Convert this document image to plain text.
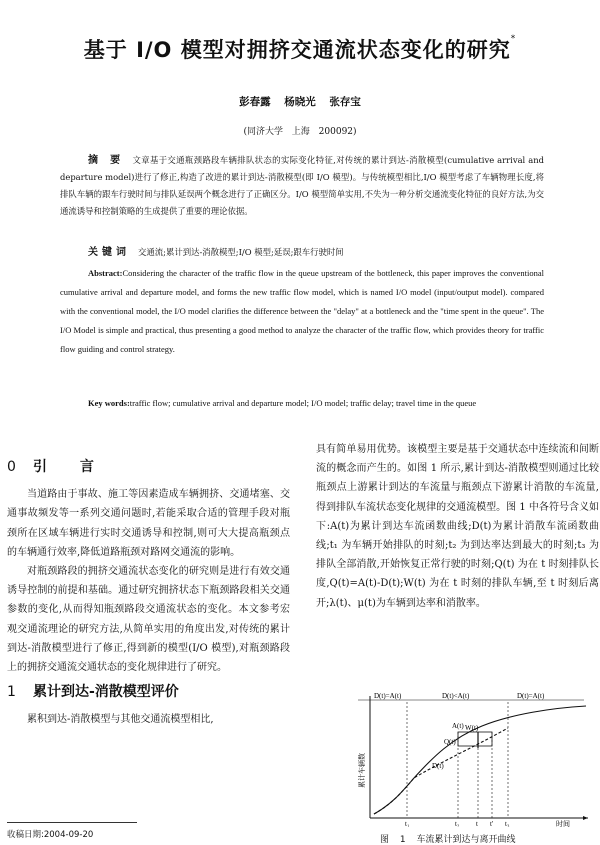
基于 I/O 模型对拥挤交通流状态变化的研究*
彭春露 杨晓光 张存宝
(同济大学 上海 200092)
摘 要 文章基于交通瓶颈路段车辆排队状态的实际变化特征,对传统的累计到达-消散模型(cumulative arrival and departure model)进行了修正,构造了改进的累计到达-消散模型(即 I/O 模型)。与传统模型相比,I/O 模型考虑了车辆物理长度,将排队车辆的跟车行驶时间与排队延误两个概念进行了正确区分。I/O 模型简单实用,不失为一种分析交通流变化特征的良好方法,为交通流诱导和控制策略的生成提供了重要的理论依据。
关键词 交通流;累计到达-消散模型;I/O 模型;延误;跟车行驶时间
Abstract:Considering the character of the traffic flow in the queue upstream of the bottleneck, this paper improves the conventional cumulative arrival and departure model, and forms the new traffic flow model, which is named I/O model (input/output model). compared with the conventional model, the I/O model clarifies the difference between the "delay" at a bottleneck and the "time spent in the queue". The I/O Model is simple and practical, thus presenting a good method to analyze the character of the traffic flow, which provides theory for traffic flow guiding and control strategy.
Key words:traffic flow; cumulative arrival and departure model; I/O model; traffic delay; travel time in the queue
0 引 言

当道路由于事故、施工等因素造成车辆拥挤、交通堵塞、交通事故频发等一系列交通问题时,若能采取合适的管理手段对瓶颈所在区域车辆进行实时交通诱导和控制,则可大大提高瓶颈点的车辆通行效率,降低道路瓶颈对路网交通流的影响。

对瓶颈路段的拥挤交通流状态变化的研究则是进行有效交通诱导控制的前提和基础。通过研究拥挤状态下瓶颈路段相关交通参数的变化,从而得知瓶颈路段交通流状态的变化。本文参考宏观交通流理论的研究方法,从简单实用的角度出发,对传统的累计到达-消散模型进行了修正,得到新的模型(I/O 模型),对瓶颈路段上的拥挤交通流交通状态的变化规律进行了研究。

1 累计到达-消散模型评价

累积到达-消散模型与其他交通流模型相比,

具有简单易用优势。该模型主要是基于交通状态中连续流和间断流的概念而产生的。如图 1 所示,累计到达-消散模型则通过比较瓶颈点上游累计到达的车流量与瓶颈点下游累计消散的车流量,得到排队车流状态变化规律的交通流模型。图 1 中各符号含义如下:A(t)为累计到达车流函数曲线;D(t)为累计消散车流函数曲线;t₁ 为车辆开始排队的时刻;t₂ 为到达率达到最大的时刻;t₃ 为排队全部消散,开始恢复正常行驶的时刻;Q(t) 为在 t 时刻排队长度,Q(t)=A(t)-D(t);W(t) 为在 t 时刻的排队车辆,至 t 时刻后离开;λ(t)、μ(t)为车辆到达率和消散率。

D(t)=A(t)	D(t)<A(t)	D(t)=A(t)
A(t)
D(t)
Q(t)
W(t)
t₁	t₂ t t' t₃	时间
累计车辆数
图 1 车流累计到达与离开曲线
收稿日期:2004-09-20
